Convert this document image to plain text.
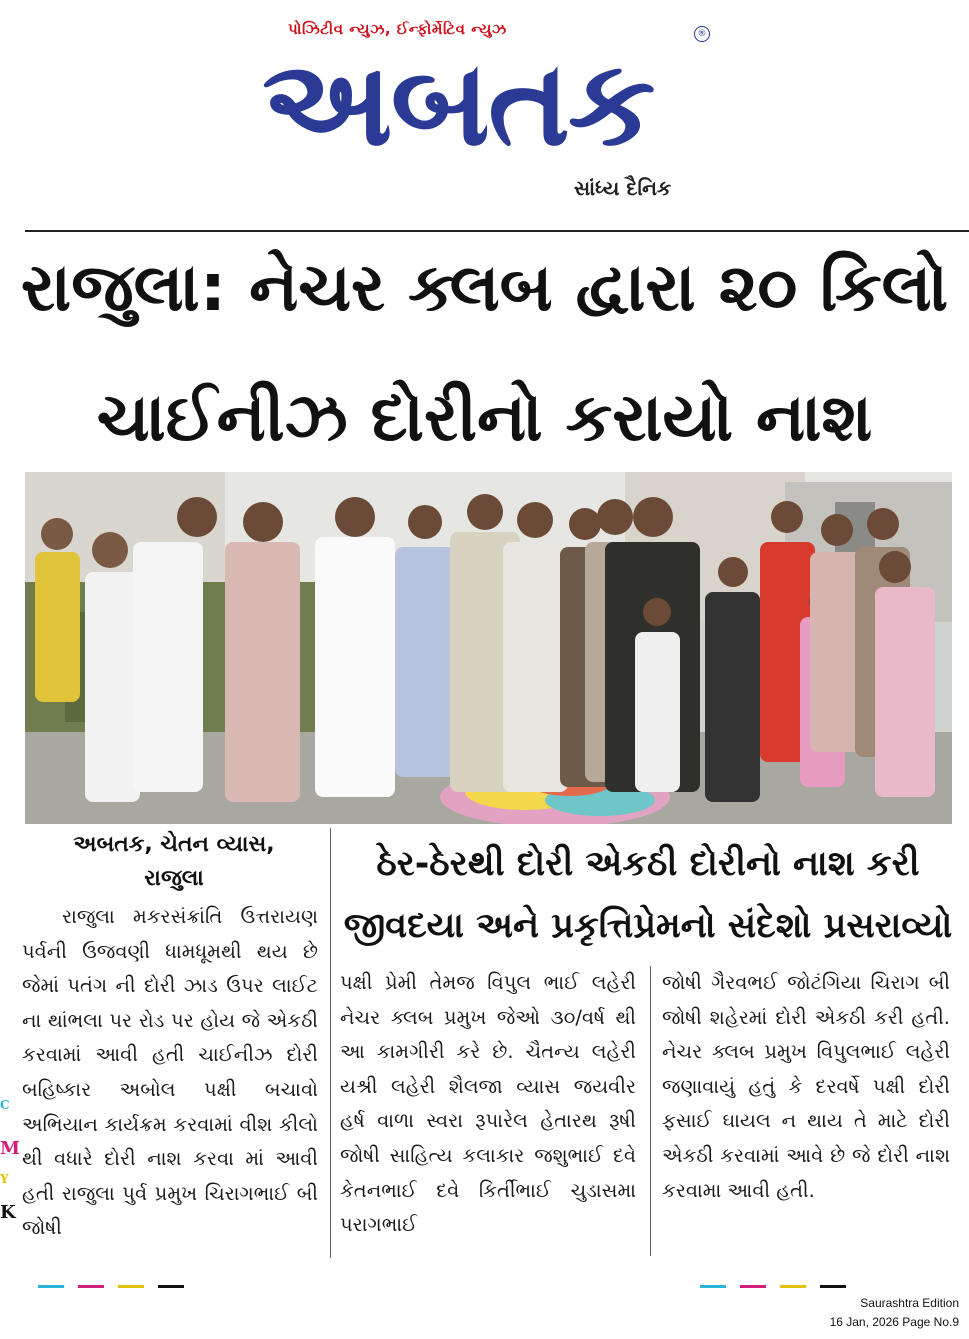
પોઝિટીવ ન્યુઝ, ઈન્ફોર્મેટિવ ન્યુઝ	®
અબતક
સાંધ્ય દૈનિક
રાજુલા: નેચર ક્લબ દ્વારા ૨૦ કિલો
ચાઈનીઝ દોરીનો કરાયો નાશ
અબતક, ચેતન વ્યાસ,
રાજુલા	ઠેર-ઠેરથી દોરી એકઠી દોરીનો નાશ કરી
જીવદયા અને પ્રકૃત્તિપ્રેમનો સંદેશો પ્રસરાવ્યો

રાજુલા મકરસંક્રાંતિ ઉત્તરાયણ પર્વની ઉજવણી ધામધૂમથી થય છે જેમાં પતંગ ની દોરી ઝાડ ઉપર લાઈટ ના થાંભલા પર રોડ પર હોય જે એકઠી કરવામાં આવી હતી ચાઈનીઝ દોરી બહિષ્કાર અબોલ પક્ષી બચાવો અભિયાન કાર્યક્રમ કરવામાં વીશ કીલો થી વધારે દોરી નાશ કરવા માં આવી હતી રાજુલા પુર્વ પ્રમુખ ચિરાગભાઈ બી જોષી

પક્ષી પ્રેમી તેમજ વિપુલ ભાઈ લહેરી નેચર ક્લબ પ્રમુખ જેઓ ૩૦/વર્ષ થી આ કામગીરી કરે છે. ચૈતન્ય લહેરી યશ્રી લહેરી શૈલજા વ્યાસ જયવીર હર્ષ વાળા સ્વરા રૂપારેલ હેતારથ રૂષી જોષી સાહિત્ય કલાકાર જશુભાઈ દવે કેતનભાઈ દવે કિર્તીભાઈ ચુડાસમા પરાગભાઈ

જોષી ગૈરવભઈ જોટંગિયા ચિરાગ બી જોષી શહેરમાં દોરી એકઠી કરી હતી. નેચર ક્લબ પ્રમુખ વિપુલભાઈ લહેરી જણાવાયું હતું કે દરવર્ષે પક્ષી દોરી ફસાઈ ઘાયલ ન થાય તે માટે દોરી એકઠી કરવામાં આવે છે જે દોરી નાશ કરવામા આવી હતી.

C
M
Y
K
Saurashtra Edition
16 Jan, 2026 Page No.9
